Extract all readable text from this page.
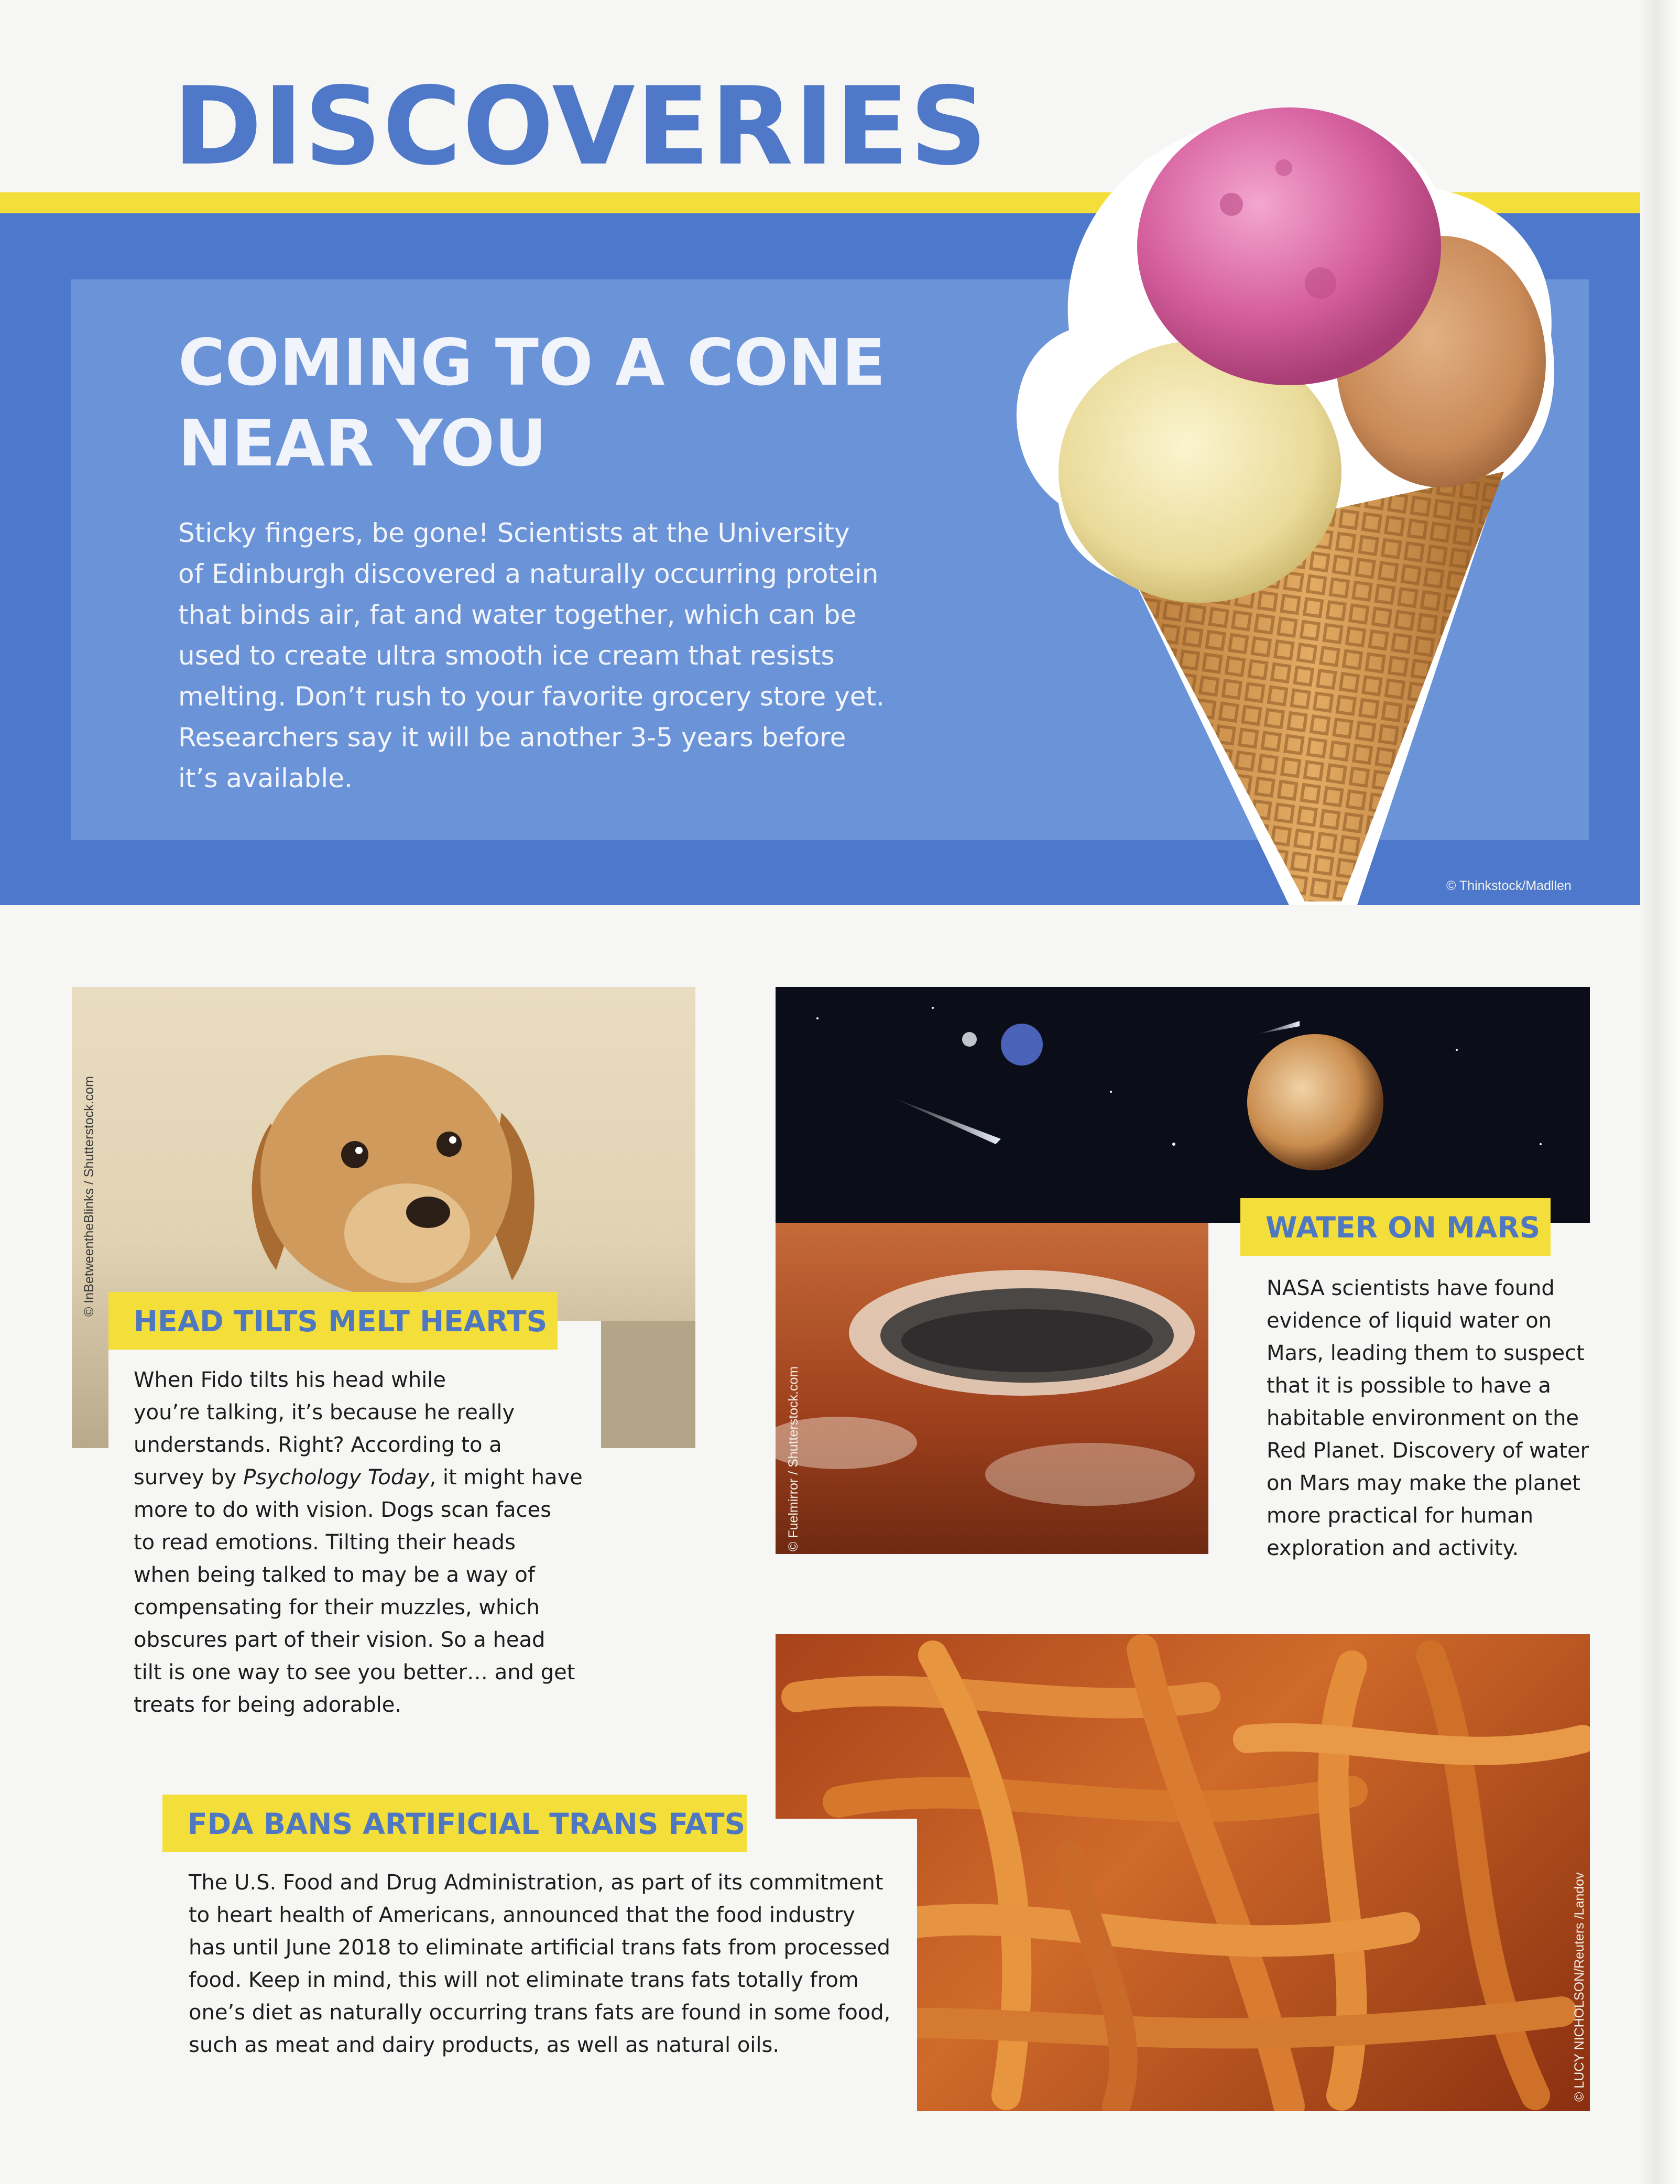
DISCOVERIES
COMING TO A CONE
NEAR YOU

Sticky fingers, be gone! Scientists at the University
of Edinburgh discovered a naturally occurring protein
that binds air, fat and water together, which can be
used to create ultra smooth ice cream that resists
melting. Don’t rush to your favorite grocery store yet.
Researchers say it will be another 3-5 years before
it’s available.

© Thinkstock/Madllen
© InBetweentheBlinks / Shutterstock.com
HEAD TILTS MELT HEARTS

When Fido tilts his head while
you’re talking, it’s because he really
understands. Right? According to a
survey by Psychology Today, it might have
more to do with vision. Dogs scan faces
to read emotions. Tilting their heads
when being talked to may be a way of
compensating for their muzzles, which
obscures part of their vision. So a head
tilt is one way to see you better… and get
treats for being adorable.

© Fuelmirror / Shutterstock.com
WATER ON MARS

NASA scientists have found
evidence of liquid water on
Mars, leading them to suspect
that it is possible to have a
habitable environment on the
Red Planet. Discovery of water
on Mars may make the planet
more practical for human
exploration and activity.

© LUCY NICHOLSON/Reuters /Landov
FDA BANS ARTIFICIAL TRANS FATS

The U.S. Food and Drug Administration, as part of its commitment
to heart health of Americans, announced that the food industry
has until June 2018 to eliminate artificial trans fats from processed
food. Keep in mind, this will not eliminate trans fats totally from
one’s diet as naturally occurring trans fats are found in some food,
such as meat and dairy products, as well as natural oils.
